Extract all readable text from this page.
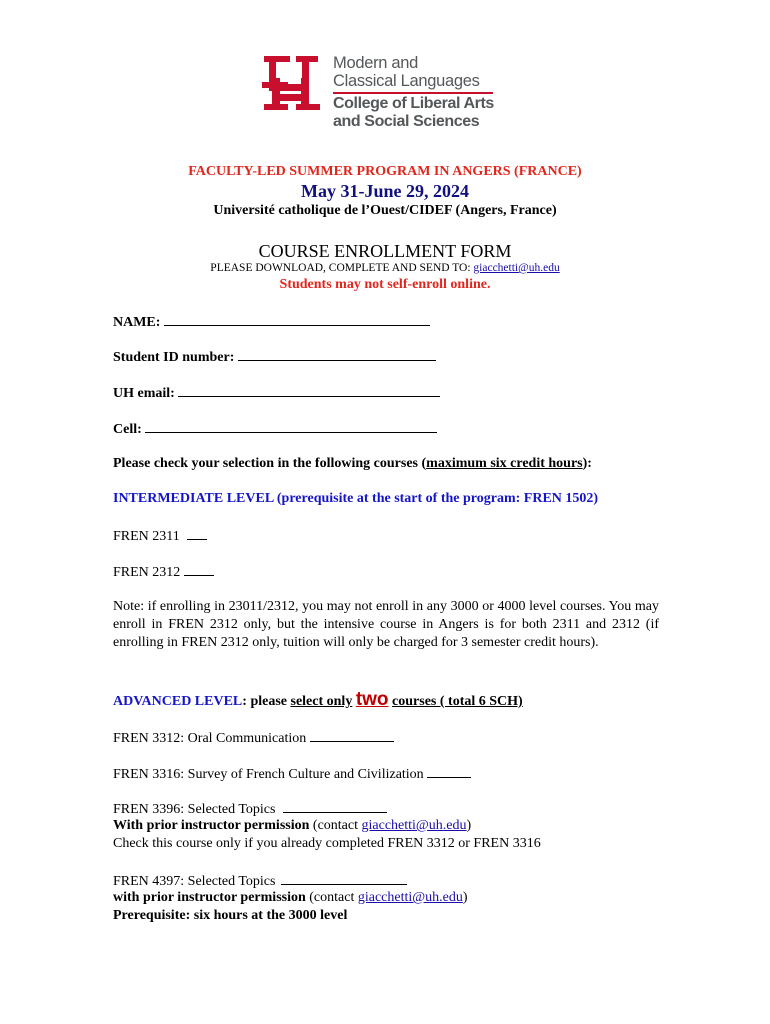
Modern and
Classical Languages
College of Liberal Arts
and Social Sciences
FACULTY-LED SUMMER PROGRAM IN ANGERS (FRANCE)
May 31-June 29, 2024
Université catholique de l’Ouest/CIDEF (Angers, France)
COURSE ENROLLMENT FORM
PLEASE DOWNLOAD, COMPLETE AND SEND TO: giacchetti@uh.edu
Students may not self-enroll online.
NAME:
Student ID number:
UH email:
Cell:
Please check your selection in the following courses (maximum six credit hours):
INTERMEDIATE LEVEL (prerequisite at the start of the program: FREN 1502)
FREN 2311
FREN 2312
Note: if enrolling in 23011/2312, you may not enroll in any 3000 or 4000 level courses. You may enroll in FREN 2312 only, but the intensive course in Angers is for both 2311 and 2312 (if enrolling in FREN 2312 only, tuition will only be charged for 3 semester credit hours).
ADVANCED LEVEL: please select only two courses ( total 6 SCH)
FREN 3312: Oral Communication
FREN 3316: Survey of French Culture and Civilization
FREN 3396: Selected Topics
With prior instructor permission (contact giacchetti@uh.edu)
Check this course only if you already completed FREN 3312 or FREN 3316
FREN 4397: Selected Topics
with prior instructor permission (contact giacchetti@uh.edu)
Prerequisite: six hours at the 3000 level
